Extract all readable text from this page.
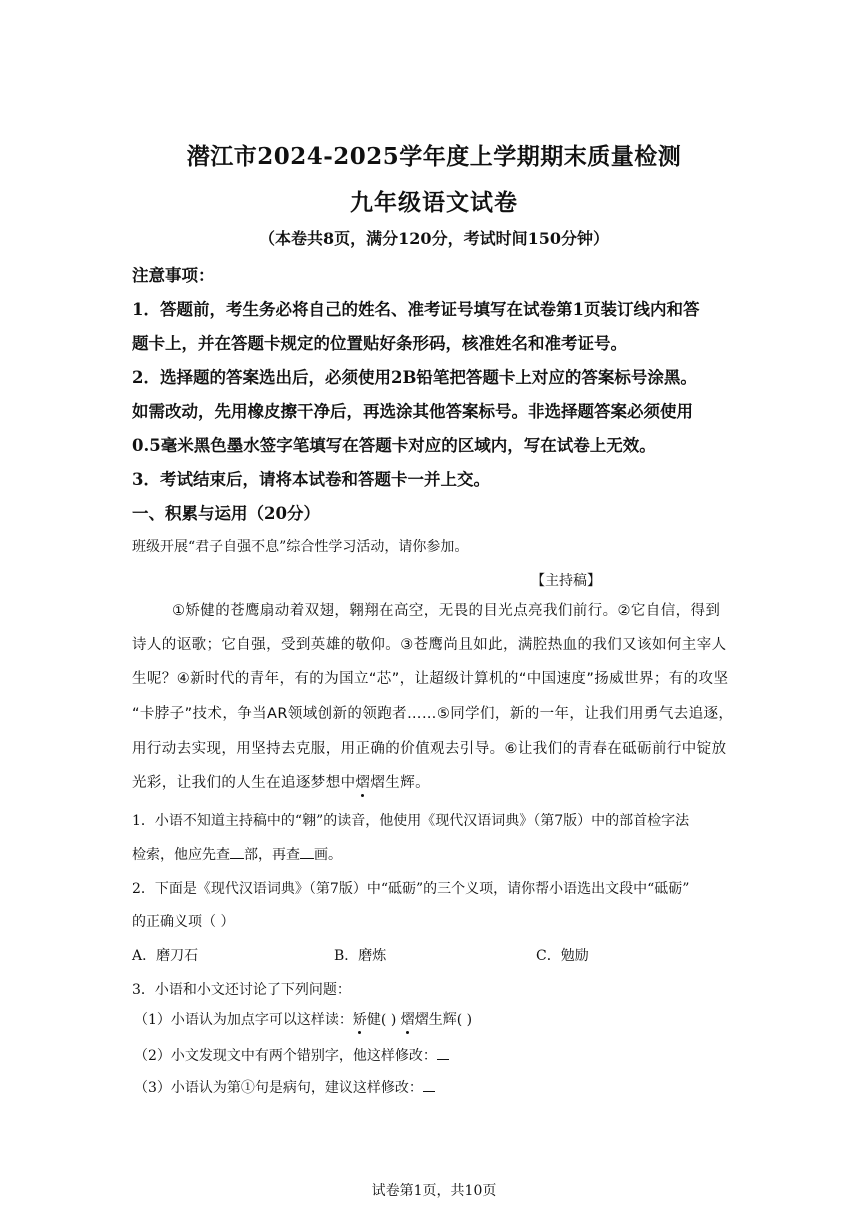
潜江市2024-2025学年度上学期期末质量检测
九年级语文试卷
（本卷共8页，满分120分，考试时间150分钟）
注意事项：
1．答题前，考生务必将自己的姓名、准考证号填写在试卷第1页装订线内和答
题卡上，并在答题卡规定的位置贴好条形码，核准姓名和准考证号。
2．选择题的答案选出后，必须使用2B铅笔把答题卡上对应的答案标号涂黑。
如需改动，先用橡皮擦干净后，再选涂其他答案标号。非选择题答案必须使用
0.5毫米黑色墨水签字笔填写在答题卡对应的区域内，写在试卷上无效。
3．考试结束后，请将本试卷和答题卡一并上交。
一、积累与运用（20分）
班级开展“君子自强不息”综合性学习活动，请你参加。
【主持稿】
①矫健的苍鹰扇动着双翅，翱翔在高空，无畏的目光点亮我们前行。②它自信，得到
诗人的讴歌；它自强，受到英雄的敬仰。③苍鹰尚且如此，满腔热血的我们又该如何主宰人
生呢？④新时代的青年，有的为国立“芯”，让超级计算机的“中国速度”扬威世界；有的攻坚
“卡脖子”技术，争当AR领域创新的领跑者……⑤同学们，新的一年，让我们用勇气去追逐，
用行动去实现，用坚持去克服，用正确的价值观去引导。⑥让我们的青春在砥砺前行中锭放
光彩，让我们的人生在追逐梦想中熠熠生辉。
1．小语不知道主持稿中的“翱”的读音，他使用《现代汉语词典》（第7版）中的部首检字法
检索，他应先查 部，再查 画。
2．下面是《现代汉语词典》（第7版）中“砥砺”的三个义项，请你帮小语选出文段中“砥砺”
的正确义项（ ）
A．磨刀石	B．磨炼	C．勉励
3．小语和小文还讨论了下列问题：
（1）小语认为加点字可以这样读：矫健( ) 熠熠生辉( )
（2）小文发现文中有两个错别字，他这样修改：
（3）小语认为第①句是病句，建议这样修改：
试卷第1页，共10页
